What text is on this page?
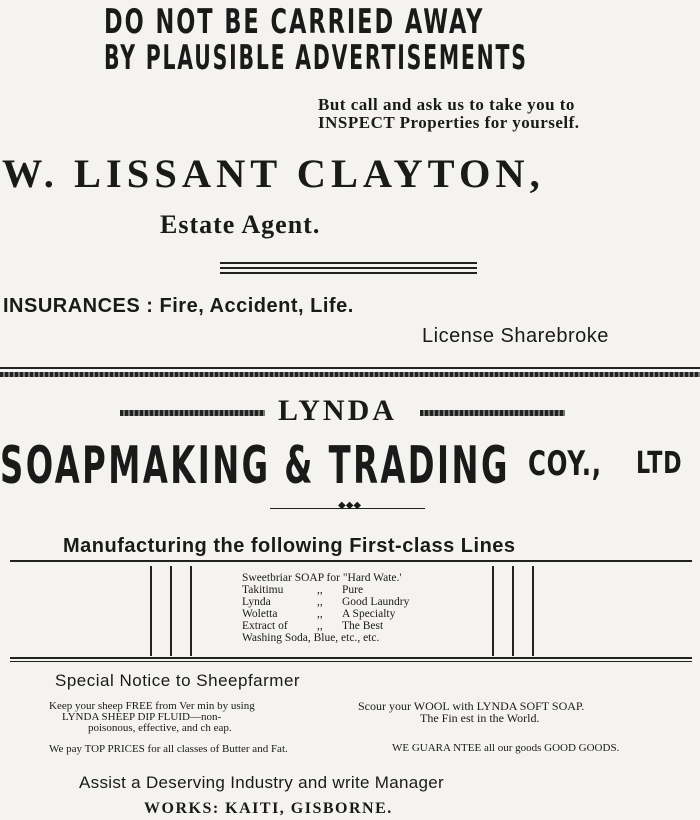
DO NOT BE CARRIED AWAY
BY PLAUSIBLE ADVERTISEMENTS
But call and ask us to take you to
INSPECT Properties for yourself.
W. LISSANT CLAYTON,
Estate Agent.
INSURANCES : Fire, Accident, Life.
License Sharebroke
LYNDA
SOAPMAKING & TRADING COY., LTD
◆◆◆
Manufacturing the following First-class Lines
Sweetbriar SOAP for "Hard Wate.'
Takitimu	,,	Pure
Lynda	,,	Good Laundry
Woletta	,,	A Specialty
Extract of	,,	The Best
Washing Soda, Blue, etc., etc.
Special Notice to Sheepfarmer
Keep your sheep FREE from Ver min by using
LYNDA SHEEP DIP FLUID—non-
poisonous, effective, and ch eap.
Scour your WOOL with LYNDA SOFT SOAP.
The Fin est in the World.
We pay TOP PRICES for all classes of Butter and Fat.	WE GUARA NTEE all our goods GOOD GOODS.
Assist a Deserving Industry and write Manager
WORKS: KAITI, GISBORNE.
